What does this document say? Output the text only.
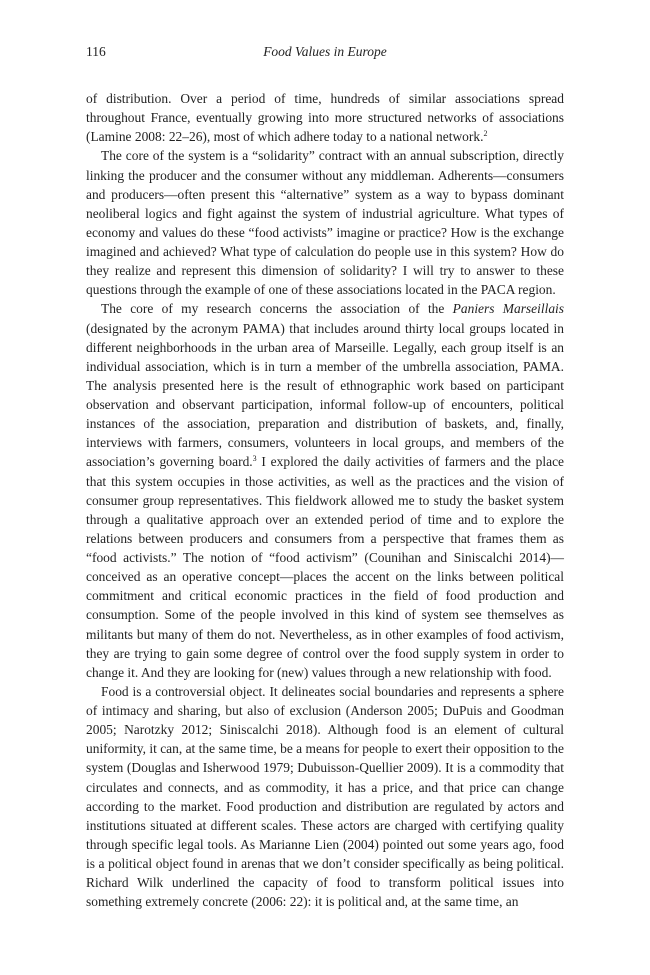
116	Food Values in Europe

of distribution. Over a period of time, hundreds of similar associations spread throughout France, eventually growing into more structured networks of associations (Lamine 2008: 22–26), most of which adhere today to a national network.$^2$

The core of the system is a “solidarity” contract with an annual subscription, directly linking the producer and the consumer without any middleman. Adherents—consumers and producers—often present this “alternative” system as a way to bypass dominant neoliberal logics and fight against the system of industrial agriculture. What types of economy and values do these “food activists” imagine or practice? How is the exchange imagined and achieved? What type of calculation do people use in this system? How do they realize and represent this dimension of solidarity? I will try to answer to these questions through the example of one of these associations located in the PACA region.

The core of my research concerns the association of the Paniers Marseillais (designated by the acronym PAMA) that includes around thirty local groups located in different neighborhoods in the urban area of Marseille. Legally, each group itself is an individual association, which is in turn a member of the umbrella association, PAMA. The analysis presented here is the result of ethnographic work based on participant observation and observant participation, informal follow-up of encounters, political instances of the association, preparation and distribution of baskets, and, finally, interviews with farmers, consumers, volunteers in local groups, and members of the association’s governing board.$^3$ I explored the daily activities of farmers and the place that this system occupies in those activities, as well as the practices and the vision of consumer group representatives. This fieldwork allowed me to study the basket system through a qualitative approach over an extended period of time and to explore the relations between producers and consumers from a perspective that frames them as “food activists.” The notion of “food activism” (Counihan and Siniscalchi 2014)—conceived as an operative concept—places the accent on the links between political commitment and critical economic practices in the field of food production and consumption. Some of the people involved in this kind of system see themselves as militants but many of them do not. Nevertheless, as in other examples of food activism, they are trying to gain some degree of control over the food supply system in order to change it. And they are looking for (new) values through a new relationship with food.

Food is a controversial object. It delineates social boundaries and represents a sphere of intimacy and sharing, but also of exclusion (Anderson 2005; DuPuis and Goodman 2005; Narotzky 2012; Siniscalchi 2018). Although food is an element of cultural uniformity, it can, at the same time, be a means for people to exert their opposition to the system (Douglas and Isherwood 1979; Dubuisson-Quellier 2009). It is a commodity that circulates and connects, and as commodity, it has a price, and that price can change according to the market. Food production and distribution are regulated by actors and institutions situated at different scales. These actors are charged with certifying quality through specific legal tools. As Marianne Lien (2004) pointed out some years ago, food is a political object found in arenas that we don’t consider specifically as being political. Richard Wilk underlined the capacity of food to transform political issues into something extremely concrete (2006: 22): it is political and, at the same time, an
